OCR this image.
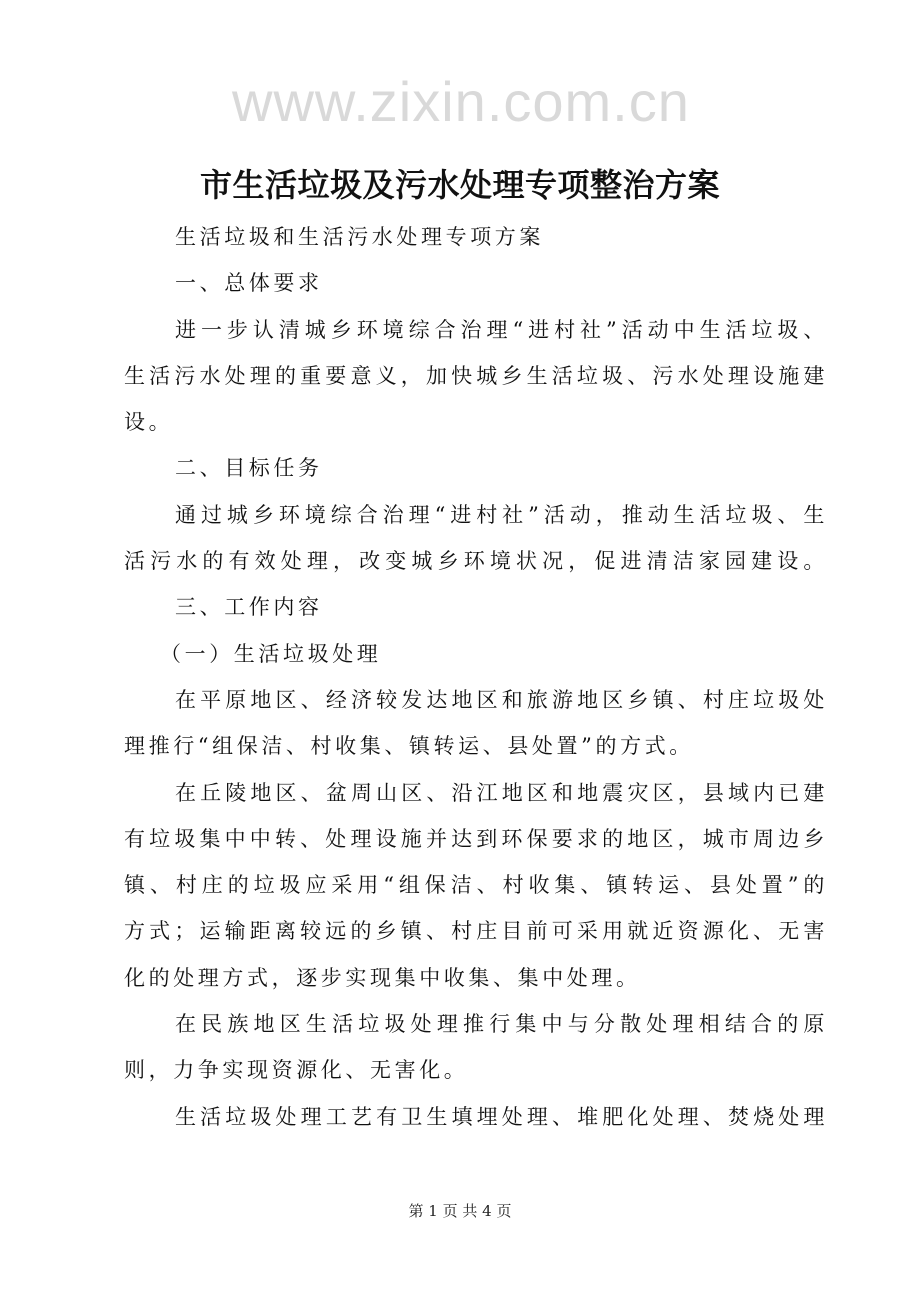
www.zixin.com.cn
市生活垃圾及污水处理专项整治方案
生活垃圾和生活污水处理专项方案
一、总体要求
进一步认清城乡环境综合治理“进村社”活动中生活垃圾、
生活污水处理的重要意义，加快城乡生活垃圾、污水处理设施建
设。
二、目标任务
通过城乡环境综合治理“进村社”活动，推动生活垃圾、生
活污水的有效处理，改变城乡环境状况，促进清洁家园建设。
三、工作内容
（一）生活垃圾处理
在平原地区、经济较发达地区和旅游地区乡镇、村庄垃圾处
理推行“组保洁、村收集、镇转运、县处置”的方式。
在丘陵地区、盆周山区、沿江地区和地震灾区，县域内已建
有垃圾集中中转、处理设施并达到环保要求的地区，城市周边乡
镇、村庄的垃圾应采用“组保洁、村收集、镇转运、县处置”的
方式；运输距离较远的乡镇、村庄目前可采用就近资源化、无害
化的处理方式，逐步实现集中收集、集中处理。
在民族地区生活垃圾处理推行集中与分散处理相结合的原
则，力争实现资源化、无害化。
生活垃圾处理工艺有卫生填埋处理、堆肥化处理、焚烧处理
第 1 页 共 4 页
